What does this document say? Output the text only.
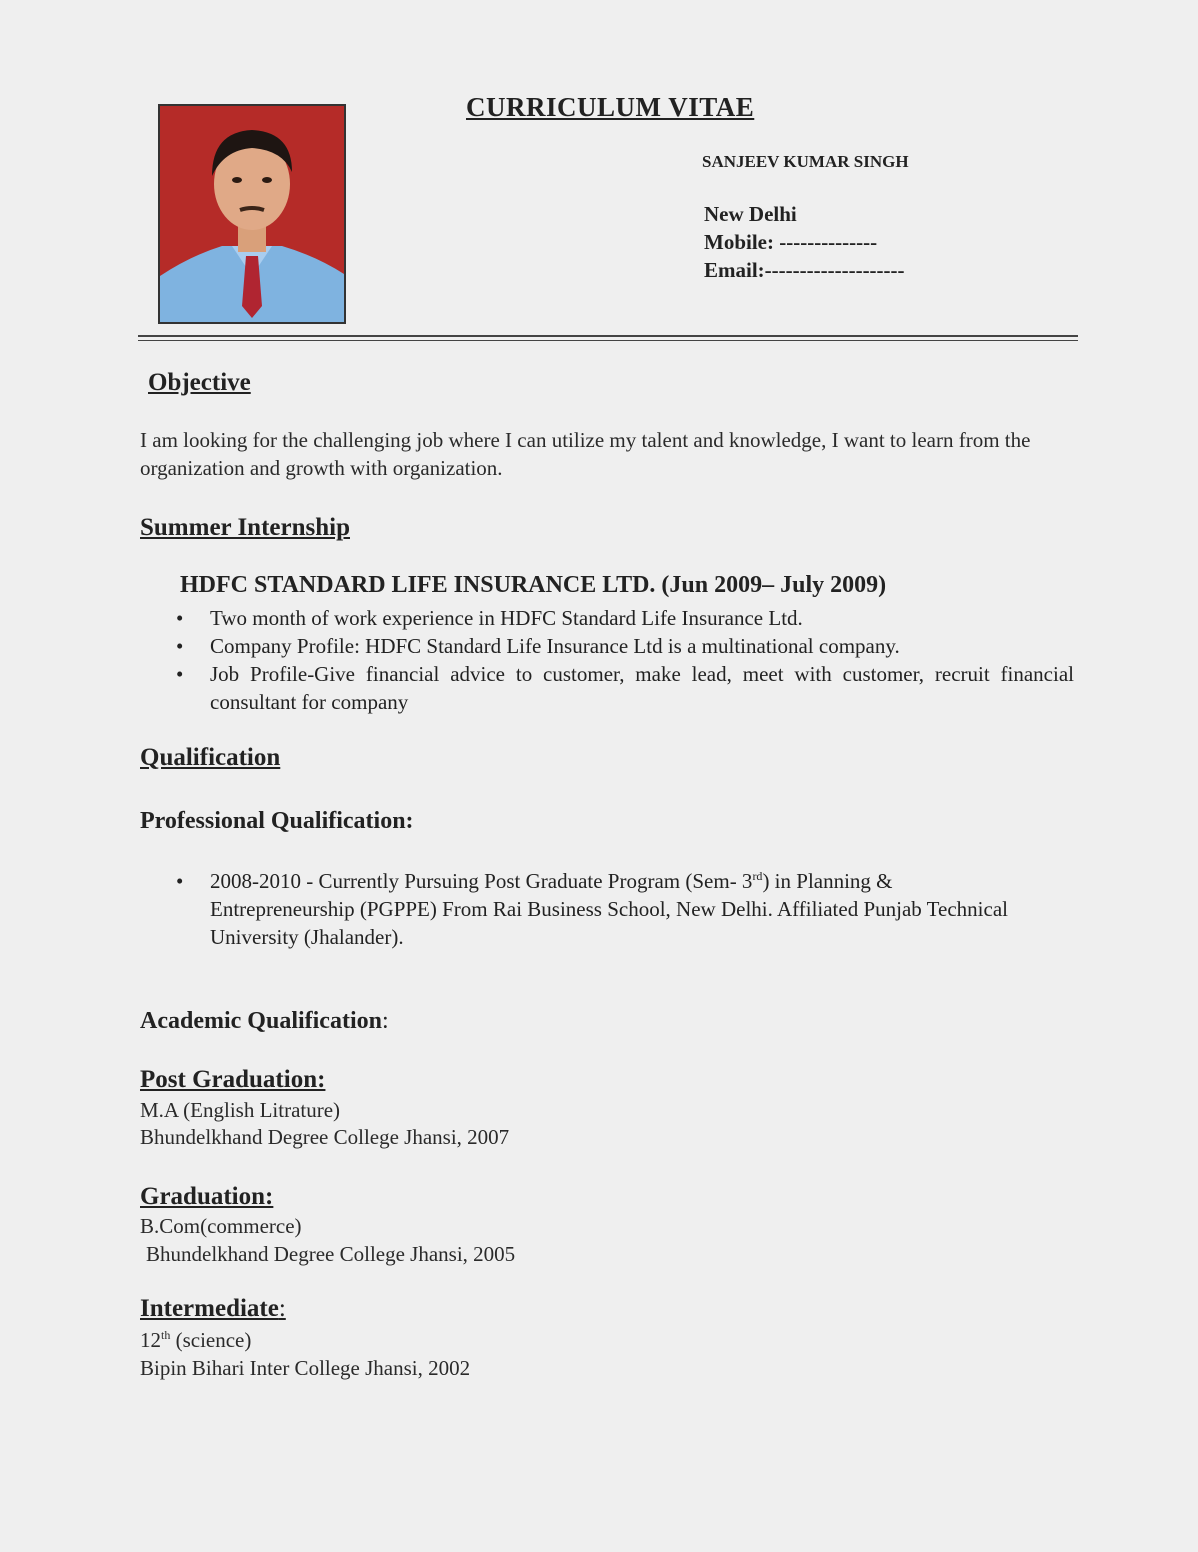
CURRICULUM VITAE
SANJEEV KUMAR SINGH
New Delhi
Mobile: --------------
Email:--------------------
Objective
I am looking for the challenging job where I can utilize my talent and knowledge, I want to learn from the organization and growth with organization.
Summer Internship
HDFC STANDARD LIFE INSURANCE LTD. (Jun 2009– July 2009)
• Two month of work experience in HDFC Standard Life Insurance Ltd.
• Company Profile: HDFC Standard Life Insurance Ltd is a multinational company.
• Job Profile-Give financial advice to customer, make lead, meet with customer, recruit financial consultant for company
Qualification
Professional Qualification:
• 2008-2010 - Currently Pursuing Post Graduate Program (Sem- 3rd) in Planning & Entrepreneurship (PGPPE) From Rai Business School, New Delhi. Affiliated Punjab Technical University (Jhalander).
Academic Qualification:
Post Graduation:
M.A (English Litrature)
Bhundelkhand Degree College Jhansi, 2007
Graduation:
B.Com(commerce)
Bhundelkhand Degree College Jhansi, 2005
Intermediate:
12th (science)
Bipin Bihari Inter College Jhansi, 2002
